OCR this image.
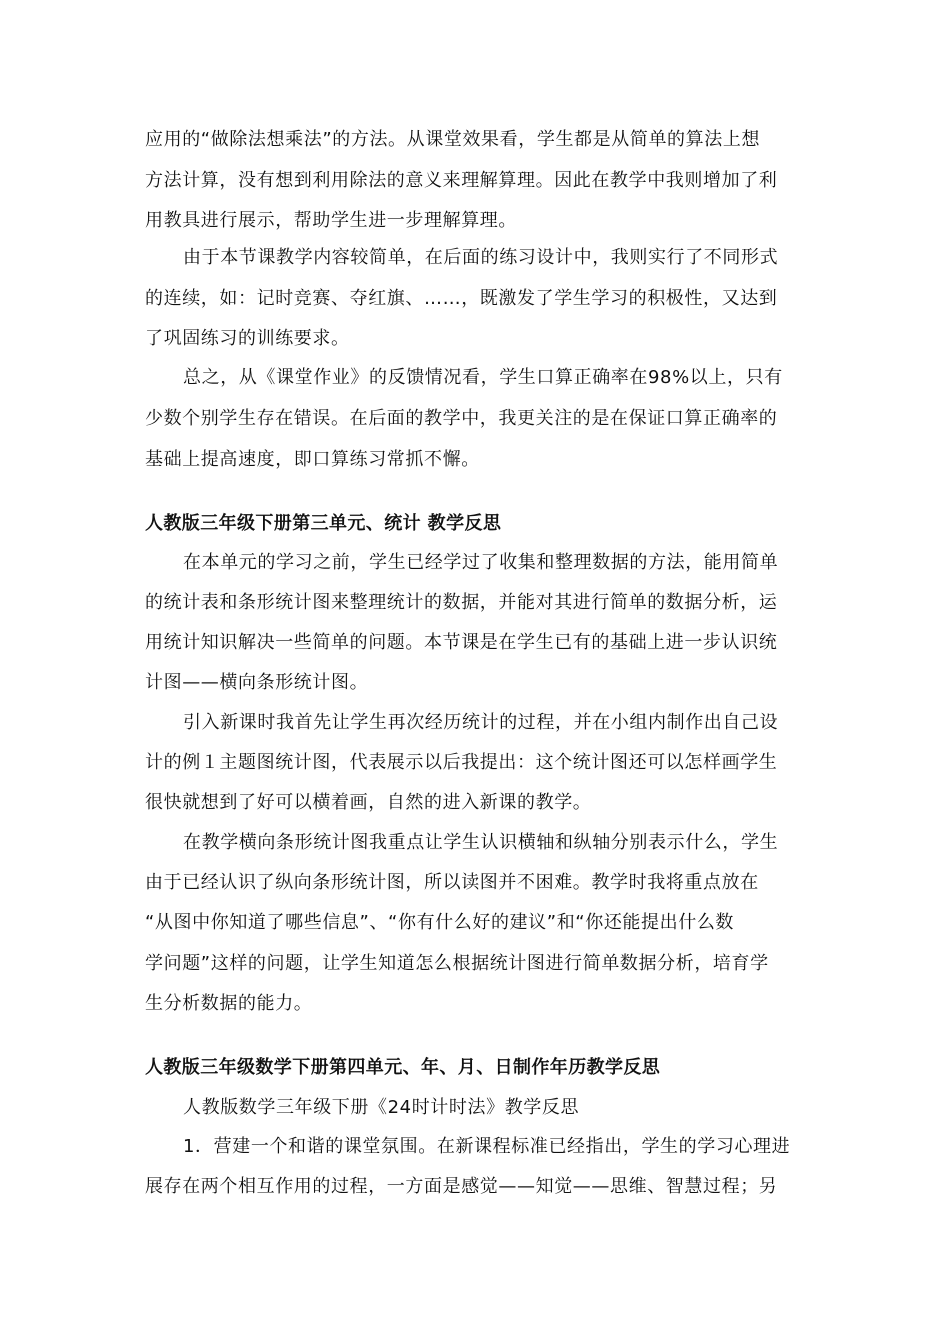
应用的“做除法想乘法”的方法。从课堂效果看，学生都是从简单的算法上想
方法计算，没有想到利用除法的意义来理解算理。因此在教学中我则增加了利
用教具进行展示，帮助学生进一步理解算理。
由于本节课教学内容较简单，在后面的练习设计中，我则实行了不同形式
的连续，如：记时竞赛、夺红旗、……，既激发了学生学习的积极性，又达到
了巩固练习的训练要求。
总之，从《课堂作业》的反馈情况看，学生口算正确率在98%以上，只有
少数个别学生存在错误。在后面的教学中，我更关注的是在保证口算正确率的
基础上提高速度，即口算练习常抓不懈。
人教版三年级下册第三单元、统计 教学反思
在本单元的学习之前，学生已经学过了收集和整理数据的方法，能用简单
的统计表和条形统计图来整理统计的数据，并能对其进行简单的数据分析，运
用统计知识解决一些简单的问题。本节课是在学生已有的基础上进一步认识统
计图——横向条形统计图。
引入新课时我首先让学生再次经历统计的过程，并在小组内制作出自己设
计的例１主题图统计图，代表展示以后我提出：这个统计图还可以怎样画学生
很快就想到了好可以横着画，自然的进入新课的教学。
在教学横向条形统计图我重点让学生认识横轴和纵轴分别表示什么，学生
由于已经认识了纵向条形统计图，所以读图并不困难。教学时我将重点放在
“从图中你知道了哪些信息”、“你有什么好的建议”和“你还能提出什么数
学问题”这样的问题，让学生知道怎么根据统计图进行简单数据分析，培育学
生分析数据的能力。
人教版三年级数学下册第四单元、年、月、日制作年历教学反思
人教版数学三年级下册《24时计时法》教学反思
1．营建一个和谐的课堂氛围。在新课程标准已经指出，学生的学习心理进
展存在两个相互作用的过程，一方面是感觉——知觉——思维、智慧过程；另
